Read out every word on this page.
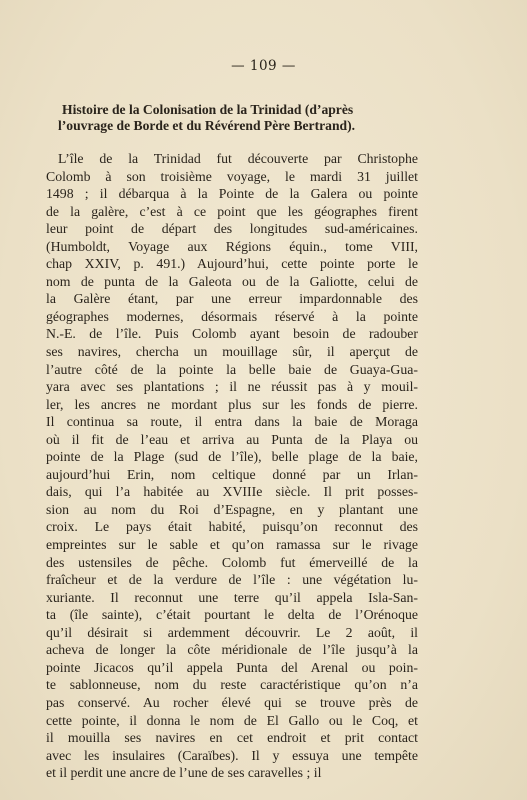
— 109 —
Histoire de la Colonisation de la Trinidad (d’après
l’ouvrage de Borde et du Révérend Père Bertrand).
L’île de la Trinidad fut découverte par Christophe
Colomb à son troisième voyage, le mardi 31 juillet
1498 ; il débarqua à la Pointe de la Galera ou pointe
de la galère, c’est à ce point que les géographes firent
leur point de départ des longitudes sud-américaines.
(Humboldt, Voyage aux Régions équin., tome VIII,
chap XXIV, p. 491.) Aujourd’hui, cette pointe porte le
nom de punta de la Galeota ou de la Galiotte, celui de
la Galère étant, par une erreur impardonnable des
géographes modernes, désormais réservé à la pointe
N.-E. de l’île. Puis Colomb ayant besoin de radouber
ses navires, chercha un mouillage sûr, il aperçut de
l’autre côté de la pointe la belle baie de Guaya-Gua-
yara avec ses plantations ; il ne réussit pas à y mouil-
ler, les ancres ne mordant plus sur les fonds de pierre.
Il continua sa route, il entra dans la baie de Moraga
où il fit de l’eau et arriva au Punta de la Playa ou
pointe de la Plage (sud de l’île), belle plage de la baie,
aujourd’hui Erin, nom celtique donné par un Irlan-
dais, qui l’a habitée au XVIIIe siècle. Il prit posses-
sion au nom du Roi d’Espagne, en y plantant une
croix. Le pays était habité, puisqu’on reconnut des
empreintes sur le sable et qu’on ramassa sur le rivage
des ustensiles de pêche. Colomb fut émerveillé de la
fraîcheur et de la verdure de l’île : une végétation lu-
xuriante. Il reconnut une terre qu’il appela Isla-San-
ta (île sainte), c’était pourtant le delta de l’Orénoque
qu’il désirait si ardemment découvrir. Le 2 août, il
acheva de longer la côte méridionale de l’île jusqu’à la
pointe Jicacos qu’il appela Punta del Arenal ou poin-
te sablonneuse, nom du reste caractéristique qu’on n’a
pas conservé. Au rocher élevé qui se trouve près de
cette pointe, il donna le nom de El Gallo ou le Coq, et
il mouilla ses navires en cet endroit et prit contact
avec les insulaires (Caraïbes). Il y essuya une tempête
et il perdit une ancre de l’une de ses caravelles ; il
